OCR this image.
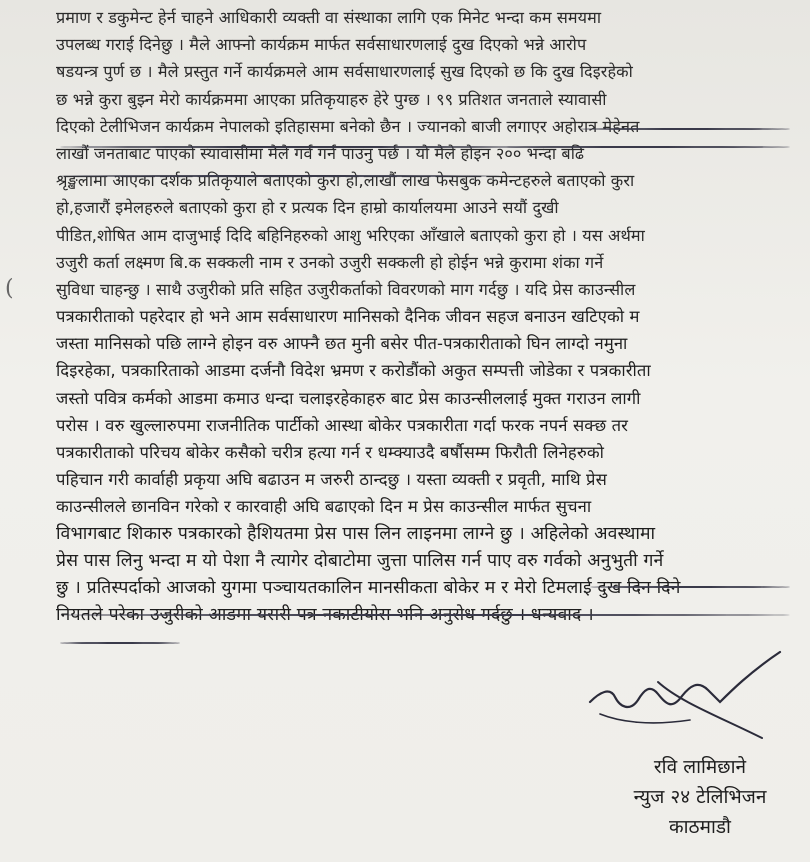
प्रमाण र डकुमेन्ट हेर्न चाहने आधिकारी व्यक्ती वा संस्थाका लागि एक मिनेट भन्दा कम समयमा
उपलब्ध गराई दिनेछु । मैले आफ्नो कार्यक्रम मार्फत सर्वसाधारणलाई दुख दिएको भन्ने आरोप
षडयन्त्र पुर्ण छ । मैले प्रस्तुत गर्ने कार्यक्रमले आम सर्वसाधारणलाई सुख दिएको छ कि दुख दिइरहेको
छ भन्ने कुरा बुझ्न मेरो कार्यक्रममा आएका प्रतिकृयाहरु हेरे पुग्छ । ९९ प्रतिशत जनताले स्यावासी
दिएको टेलीभिजन कार्यक्रम नेपालको इतिहासमा बनेको छैन । ज्यानको बाजी लगाएर अहोरात्र मेहेनत
लाखौं जनताबाट पाएको स्यावासीमा मैले गर्व गर्न पाउनु पर्छ । यो मैले होइन २०० भन्दा बढि
श्रृङ्खलामा आएका दर्शक प्रतिकृयाले बताएको कुरा हो,लाखौं लाख फेसबुक कमेन्टहरुले बताएको कुरा
हो,हजारौं इमेलहरुले बताएको कुरा हो र प्रत्यक दिन हाम्रो कार्यालयमा आउने सयौं दुखी
पीडित,शोषित आम दाजुभाई दिदि बहिनिहरुको आशु भरिएका आँखाले बताएको कुरा हो । यस अर्थमा
उजुरी कर्ता लक्ष्मण बि.क सक्कली नाम र उनको उजुरी सक्कली हो होईन भन्ने कुरामा शंका गर्ने
सुविधा चाहन्छु । साथै उजुरीको प्रति सहित उजुरीकर्ताको विवरणको माग गर्दछु । यदि प्रेस काउन्सील
पत्रकारीताको पहरेदार हो भने आम सर्वसाधारण मानिसको दैनिक जीवन सहज बनाउन खटिएको म
जस्ता मानिसको पछि लाग्ने होइन वरु आफ्नै छत मुनी बसेर पीत-पत्रकारीताको घिन लाग्दो नमुना
दिइरहेका, पत्रकारिताको आडमा दर्जनौ विदेश भ्रमण र करोडौंको अकुत सम्पत्ती जोडेका र पत्रकारीता
जस्तो पवित्र कर्मको आडमा कमाउ धन्दा चलाइरहेकाहरु बाट प्रेस काउन्सीललाई मुक्त गराउन लागी
परोस । वरु खुल्लारुपमा राजनीतिक पार्टीको आस्था बोकेर पत्रकारीता गर्दा फरक नपर्न सक्छ तर
पत्रकारीताको परिचय बोकेर कसैको चरीत्र हत्या गर्न र धम्क्याउदै बर्षौसम्म फिरौती लिनेहरुको
पहिचान गरी कार्वाही प्रकृया अघि बढाउन म जरुरी ठान्दछु । यस्ता व्यक्ती र प्रवृती, माथि प्रेस
काउन्सीलले छानविन गरेको र कारवाही अघि बढाएको दिन म प्रेस काउन्सील मार्फत सुचना
विभागबाट शिकारु पत्रकारको हैशियतमा प्रेस पास लिन लाइनमा लाग्ने छु । अहिलेको अवस्थामा
प्रेस पास लिनु भन्दा म यो पेशा नै त्यागेर दोबाटोमा जुत्ता पालिस गर्न पाए वरु गर्वको अनुभुती गर्ने
छु । प्रतिस्पर्दाको आजको युगमा पञ्चायतकालिन मानसीकता बोकेर म र मेरो टिमलाई दुख दिन दिने
नियतले परेका उजुरीको आडमा यसरी पत्र नकाटीयोस भनि अनुरोध गर्दछु । धन्यवाद ।
(
रवि लामिछाने
न्युज २४ टेलिभिजन
काठमाडौ
